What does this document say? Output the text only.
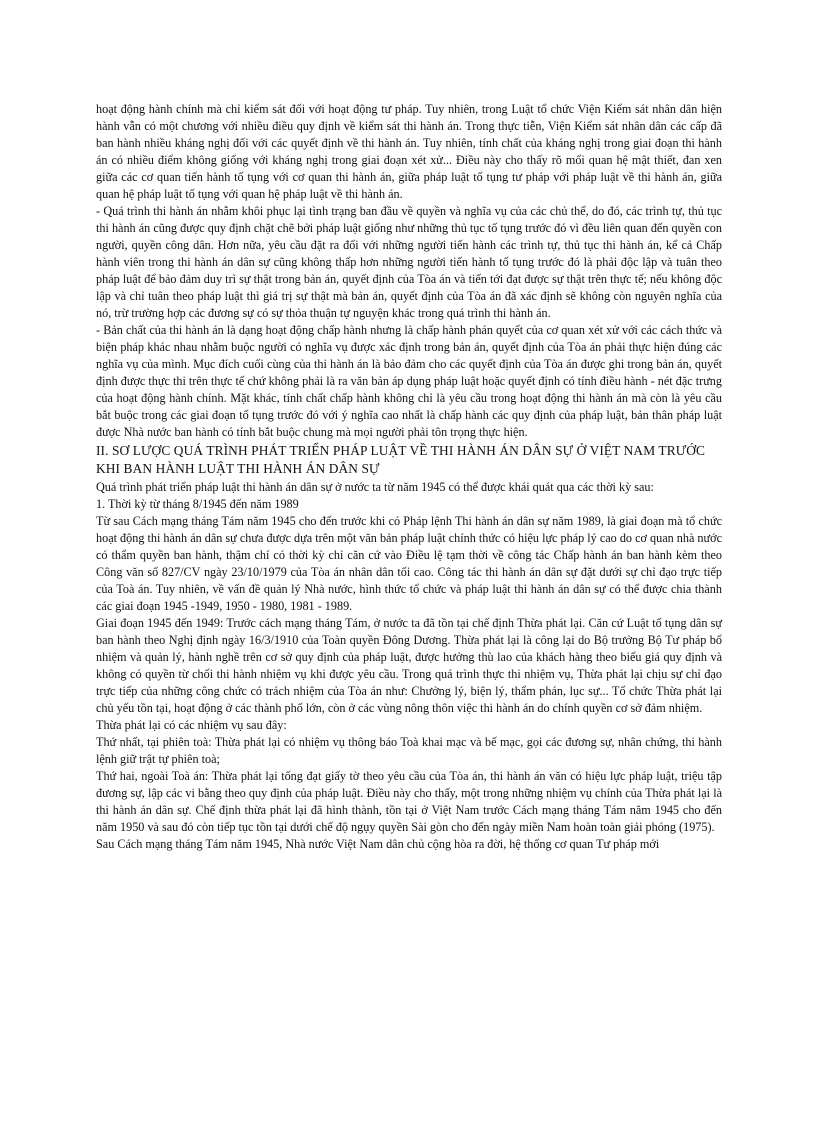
hoạt động hành chính mà chỉ kiểm sát đối với hoạt động tư pháp. Tuy nhiên, trong Luật tổ chức Viện Kiểm sát nhân dân hiện hành vẫn có một chương với nhiều điều quy định về kiểm sát thi hành án. Trong thực tiễn, Viện Kiểm sát nhân dân các cấp đã ban hành nhiều kháng nghị đối với các quyết định về thi hành án. Tuy nhiên, tính chất của kháng nghị trong giai đoạn thi hành án có nhiều điểm không giống với kháng nghị trong giai đoạn xét xử... Điều này cho thấy rõ mối quan hệ mật thiết, đan xen giữa các cơ quan tiến hành tố tụng với cơ quan thi hành án, giữa pháp luật tố tụng tư pháp với pháp luật về thi hành án, giữa quan hệ pháp luật tố tụng với quan hệ pháp luật về thi hành án.

- Quá trình thi hành án nhằm khôi phục lại tình trạng ban đầu về quyền và nghĩa vụ của các chủ thể, do đó, các trình tự, thủ tục thi hành án cũng được quy định chặt chẽ bởi pháp luật giống như những thủ tục tố tụng trước đó vì đều liên quan đến quyền con người, quyền công dân. Hơn nữa, yêu cầu đặt ra đối với những người tiến hành các trình tự, thủ tục thi hành án, kể cả Chấp hành viên trong thi hành án dân sự cũng không thấp hơn những người tiến hành tố tụng trước đó là phải độc lập và tuân theo pháp luật để bảo đảm duy trì sự thật trong bản án, quyết định của Tòa án và tiến tới đạt được sự thật trên thực tế; nếu không độc lập và chỉ tuân theo pháp luật thì giá trị sự thật mà bản án, quyết định của Tòa án đã xác định sẽ không còn nguyên nghĩa của nó, trừ trường hợp các đương sự có sự thỏa thuận tự nguyện khác trong quá trình thi hành án.

- Bản chất của thi hành án là dạng hoạt động chấp hành nhưng là chấp hành phán quyết của cơ quan xét xử với các cách thức và biện pháp khác nhau nhằm buộc người có nghĩa vụ được xác định trong bản án, quyết định của Tòa án phải thực hiện đúng các nghĩa vụ của mình. Mục đích cuối cùng của thi hành án là bảo đảm cho các quyết định của Tòa án được ghi trong bản án, quyết định được thực thi trên thực tế chứ không phải là ra văn bản áp dụng pháp luật hoặc quyết định có tính điều hành - nét đặc trưng của hoạt động hành chính. Mặt khác, tính chất chấp hành không chỉ là yêu cầu trong hoạt động thi hành án mà còn là yêu cầu bắt buộc trong các giai đoạn tố tụng trước đó với ý nghĩa cao nhất là chấp hành các quy định của pháp luật, bản thân pháp luật được Nhà nước ban hành có tính bắt buộc chung mà mọi người phải tôn trọng thực hiện.

II. SƠ LƯỢC QUÁ TRÌNH PHÁT TRIỂN PHÁP LUẬT VỀ THI HÀNH ÁN DÂN SỰ Ở VIỆT NAM TRƯỚC KHI BAN HÀNH LUẬT THI HÀNH ÁN DÂN SỰ

Quá trình phát triển pháp luật thi hành án dân sự ở nước ta từ năm 1945 có thể được khái quát qua các thời kỳ sau:

1. Thời kỳ từ tháng 8/1945 đến năm 1989

Từ sau Cách mạng tháng Tám năm 1945 cho đến trước khi có Pháp lệnh Thi hành án dân sự năm 1989, là giai đoạn mà tổ chức hoạt động thi hành án dân sự chưa được dựa trên một văn bản pháp luật chính thức có hiệu lực pháp lý cao do cơ quan nhà nước có thẩm quyền ban hành, thậm chí có thời kỳ chỉ căn cứ vào Điều lệ tạm thời về công tác Chấp hành án ban hành kèm theo Công văn số 827/CV ngày 23/10/1979 của Tòa án nhân dân tối cao. Công tác thi hành án dân sự đặt dưới sự chỉ đạo trực tiếp của Toà án. Tuy nhiên, về vấn đề quản lý Nhà nước, hình thức tổ chức và pháp luật thi hành án dân sự có thể được chia thành các giai đoạn 1945 -1949, 1950 - 1980, 1981 - 1989.

Giai đoạn 1945 đến 1949: Trước cách mạng tháng Tám, ở nước ta đã tồn tại chế định Thừa phát lại. Căn cứ Luật tố tụng dân sự ban hành theo Nghị định ngày 16/3/1910 của Toàn quyền Đông Dương. Thừa phát lại là công lại do Bộ trưởng Bộ Tư pháp bổ nhiệm và quản lý, hành nghề trên cơ sở quy định của pháp luật, được hưởng thù lao của khách hàng theo biểu giá quy định và không có quyền từ chối thi hành nhiệm vụ khi được yêu cầu. Trong quá trình thực thi nhiệm vụ, Thừa phát lại chịu sự chỉ đạo trực tiếp của những công chức có trách nhiệm của Tòa án như: Chưởng lý, biện lý, thẩm phán, lục sự... Tổ chức Thừa phát lại chủ yếu tồn tại, hoạt động ở các thành phố lớn, còn ở các vùng nông thôn việc thi hành án do chính quyền cơ sở đảm nhiệm.

Thừa phát lại có các nhiệm vụ sau đây:

Thứ nhất, tại phiên toà: Thừa phát lại có nhiệm vụ thông báo Toà khai mạc và bế mạc, gọi các đương sự, nhân chứng, thi hành lệnh giữ trật tự phiên toà;

Thứ hai, ngoài Toà án: Thừa phát lại tống đạt giấy tờ theo yêu cầu của Tòa án, thi hành án văn có hiệu lực pháp luật, triệu tập đương sự, lập các vi bằng theo quy định của pháp luật. Điều này cho thấy, một trong những nhiệm vụ chính của Thừa phát lại là thi hành án dân sự. Chế định thừa phát lại đã hình thành, tồn tại ở Việt Nam trước Cách mạng tháng Tám năm 1945 cho đến năm 1950 và sau đó còn tiếp tục tồn tại dưới chế độ ngụy quyền Sài gòn cho đến ngày miền Nam hoàn toàn giải phóng (1975).

Sau Cách mạng tháng Tám năm 1945, Nhà nước Việt Nam dân chủ cộng hòa ra đời, hệ thống cơ quan Tư pháp mới
